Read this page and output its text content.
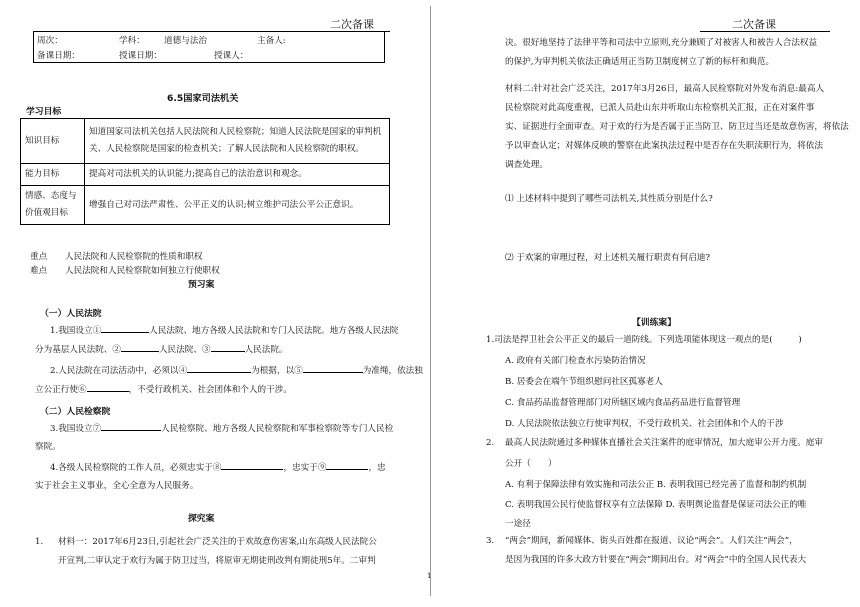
二次备课	二次备课
周次：	学科： 道德与法治	主备人:
备课日期：	授课日期：	授课人：
6.5国家司法机关
学习目标
知识目标	知道国家司法机关包括人民法院和人民检察院；知道人民法院是国家的审判机关、人民检察院是国家的检查机关；了解人民法院和人民检察院的职权。
能力目标	提高对司法机关的认识能力;提高自己的法治意识和观念。
情感、态度与价值观目标	增强自己对司法严肃性、公平正义的认识;树立维护司法公平公正意识。
重点 人民法院和人民检察院的性质和职权
难点 人民法院和人民检察院如何独立行使职权
预习案
（一）人民法院
1.我国设立①	人民法院、地方各级人民法院和专门人民法院。地方各级人民法院
分为基层人民法院、②	人民法院、③	人民法院。
2.人民法院在司法活动中，必须以④	为根据，以⑤	为准绳，依法独
立公正行使⑥	，不受行政机关、社会团体和个人的干涉。
（二）人民检察院
3.我国设立⑦	人民检察院、地方各级人民检察院和军事检察院等专门人民检
察院。
4.各级人民检察院的工作人员，必须忠实于⑧	，忠实于⑨	，忠
实于社会主义事业，全心全意为人民服务。
探究案
1. 材料一：2017年6月23日,引起社会广泛关注的于欢故意伤害案,山东高级人民法院公
开宣判,二审认定于欢行为属于防卫过当，将原审无期徒刑改判有期徒刑5年。二审判
决。很好地坚持了法律平等和司法中立原则,充分兼顾了对被害人和被告人合法权益
的保护,为审判机关依法正确适用正当防卫制度树立了新的标杆和典范。
材料二:针对社会广泛关注，2017年3月26日，最高人民检察院对外发布消息:最高人
民检察院对此高度重视，已派人员赴山东并听取山东检察机关汇报，正在对案件事
实、证据进行全面审查。对于欢的行为是否属于正当防卫、防卫过当还是故意伤害，将依法
予以审查认定；对媒体反映的警察在此案执法过程中是否存在失职渎职行为，将依法
调查处理。
⑴ 上述材料中提到了哪些司法机关,其性质分别是什么?
⑵ 于欢案的审理过程，对上述机关履行职责有何启迪?
【训练案】
1.司法是捍卫社会公平正义的最后一道防线。下列选项能体现这一观点的是(　　　)
A. 政府有关部门检查水污染防治情况
B. 居委会在端午节组织慰问社区孤寡老人
C. 食品药品监督管理部门对所辖区域内食品药品进行监督管理
D. 人民法院依法独立行使审判权，不受行政机关、社会团体和个人的干涉
2. 最高人民法院通过多种媒体直播社会关注案件的庭审情况，加大庭审公开力度。庭审
公开（　　）
A. 有利于保障法律有效实施和司法公正 B. 表明我国已经完善了监督和制约机制
C. 表明我国公民行使监督权享有立法保障 D. 表明舆论监督是保证司法公正的唯
一途径
3. “两会”期间，新闻媒体、街头百姓都在报道、议论“两会”。人们关注“两会”，
是因为我国的许多大政方针要在“两会”期间出台。对“两会”中的全国人民代表大
1
